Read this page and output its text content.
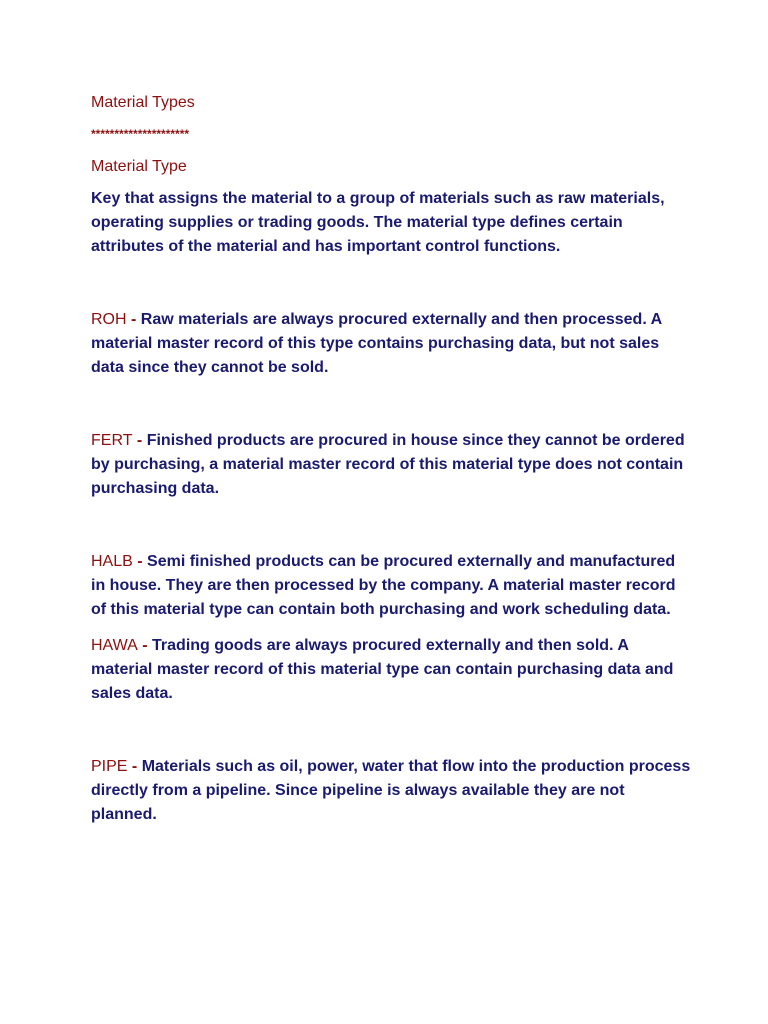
Material Types
*********************
Material Type
Key that assigns the material to a group of materials such as raw materials, operating supplies or trading goods. The material type defines certain attributes of the material and has important control functions.
ROH - Raw materials are always procured externally and then processed. A material master record of this type contains purchasing data, but not sales data since they cannot be sold.
FERT - Finished products are procured in house since they cannot be ordered by purchasing, a material master record of this material type does not contain purchasing data.
HALB - Semi finished products can be procured externally and manufactured in house. They are then processed by the company. A material master record of this material type can contain both purchasing and work scheduling data.
HAWA - Trading goods are always procured externally and then sold. A material master record of this material type can contain purchasing data and sales data.
PIPE - Materials such as oil, power, water that flow into the production process directly from a pipeline. Since pipeline is always available they are not planned.
